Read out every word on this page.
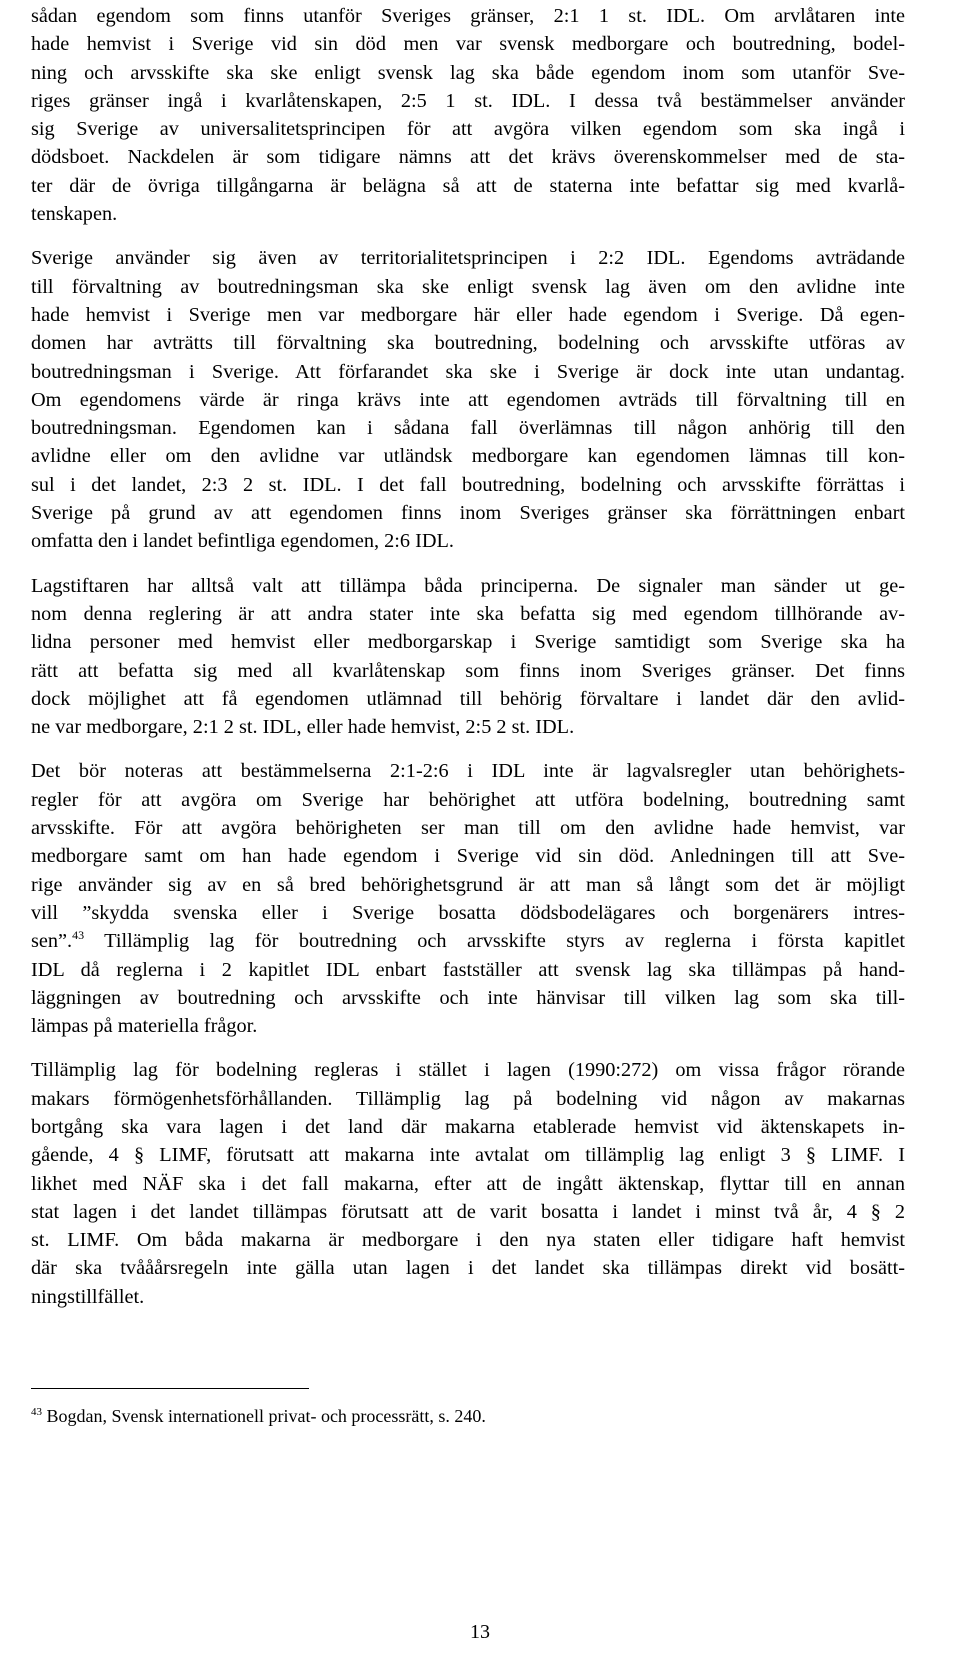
sådan egendom som finns utanför Sveriges gränser, 2:1 1 st. IDL. Om arvlåtaren inte
hade hemvist i Sverige vid sin död men var svensk medborgare och boutredning, bodel-
ning och arvsskifte ska ske enligt svensk lag ska både egendom inom som utanför Sve-
riges gränser ingå i kvarlåtenskapen, 2:5 1 st. IDL. I dessa två bestämmelser använder
sig Sverige av universalitetsprincipen för att avgöra vilken egendom som ska ingå i
dödsboet. Nackdelen är som tidigare nämns att det krävs överenskommelser med de sta-
ter där de övriga tillgångarna är belägna så att de staterna inte befattar sig med kvarlå-
tenskapen.

Sverige använder sig även av territorialitetsprincipen i 2:2 IDL. Egendoms avträdande
till förvaltning av boutredningsman ska ske enligt svensk lag även om den avlidne inte
hade hemvist i Sverige men var medborgare här eller hade egendom i Sverige. Då egen-
domen har avträtts till förvaltning ska boutredning, bodelning och arvsskifte utföras av
boutredningsman i Sverige. Att förfarandet ska ske i Sverige är dock inte utan undantag.
Om egendomens värde är ringa krävs inte att egendomen avträds till förvaltning till en
boutredningsman. Egendomen kan i sådana fall överlämnas till någon anhörig till den
avlidne eller om den avlidne var utländsk medborgare kan egendomen lämnas till kon-
sul i det landet, 2:3 2 st. IDL. I det fall boutredning, bodelning och arvsskifte förrättas i
Sverige på grund av att egendomen finns inom Sveriges gränser ska förrättningen enbart
omfatta den i landet befintliga egendomen, 2:6 IDL.

Lagstiftaren har alltså valt att tillämpa båda principerna. De signaler man sänder ut ge-
nom denna reglering är att andra stater inte ska befatta sig med egendom tillhörande av-
lidna personer med hemvist eller medborgarskap i Sverige samtidigt som Sverige ska ha
rätt att befatta sig med all kvarlåtenskap som finns inom Sveriges gränser. Det finns
dock möjlighet att få egendomen utlämnad till behörig förvaltare i landet där den avlid-
ne var medborgare, 2:1 2 st. IDL, eller hade hemvist, 2:5 2 st. IDL.

Det bör noteras att bestämmelserna 2:1-2:6 i IDL inte är lagvalsregler utan behörighets-
regler för att avgöra om Sverige har behörighet att utföra bodelning, boutredning samt
arvsskifte. För att avgöra behörigheten ser man till om den avlidne hade hemvist, var
medborgare samt om han hade egendom i Sverige vid sin död. Anledningen till att Sve-
rige använder sig av en så bred behörighetsgrund är att man så långt som det är möjligt
vill ”skydda svenska eller i Sverige bosatta dödsbodelägares och borgenärers intres-
sen”.$^{43}$ Tillämplig lag för boutredning och arvsskifte styrs av reglerna i första kapitlet
IDL då reglerna i 2 kapitlet IDL enbart fastställer att svensk lag ska tillämpas på hand-
läggningen av boutredning och arvsskifte och inte hänvisar till vilken lag som ska till-
lämpas på materiella frågor.

Tillämplig lag för bodelning regleras i stället i lagen (1990:272) om vissa frågor rörande
makars förmögenhetsförhållanden. Tillämplig lag på bodelning vid någon av makarnas
bortgång ska vara lagen i det land där makarna etablerade hemvist vid äktenskapets in-
gående, 4 § LIMF, förutsatt att makarna inte avtalat om tillämplig lag enligt 3 § LIMF. I
likhet med NÄF ska i det fall makarna, efter att de ingått äktenskap, flyttar till en annan
stat lagen i det landet tillämpas förutsatt att de varit bosatta i landet i minst två år, 4 § 2
st. LIMF. Om båda makarna är medborgare i den nya staten eller tidigare haft hemvist
där ska tvååårsregeln inte gälla utan lagen i det landet ska tillämpas direkt vid bosätt-
ningstillfället.

$^{43}$ Bogdan, Svensk internationell privat- och processrätt, s. 240.
13
